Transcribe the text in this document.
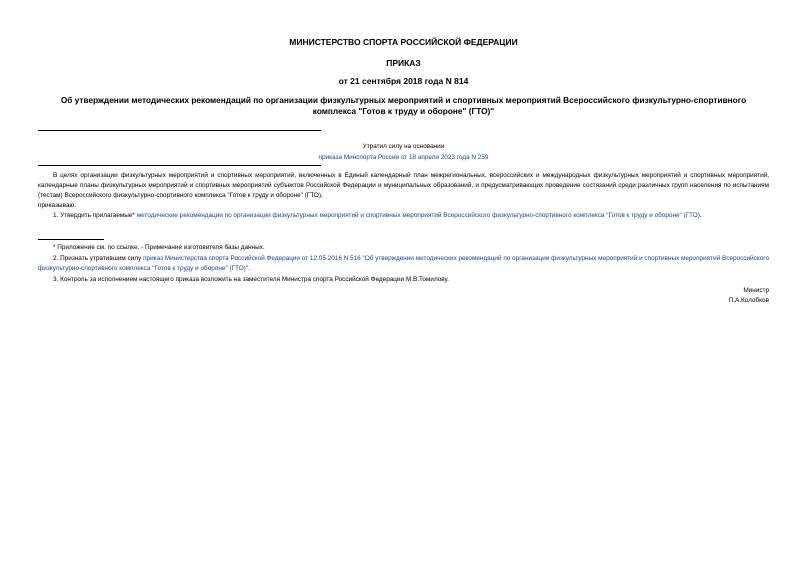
МИНИСТЕРСТВО СПОРТА РОССИЙСКОЙ ФЕДЕРАЦИИ
ПРИКАЗ
от 21 сентября 2018 года N 814
Об утверждении методических рекомендаций по организации физкультурных мероприятий и спортивных мероприятий Всероссийского физкультурно-спортивного комплекса "Готов к труду и обороне" (ГТО)"
Утратил силу на основании
приказа Минспорта России от 18 апреля 2023 года N 259
В целях организации физкультурных мероприятий и спортивных мероприятий, включенных в Единый календарный план межрегиональных, всероссийских и международных физкультурных мероприятий и спортивных мероприятий, календарные планы физкультурных мероприятий и спортивных мероприятий субъектов Российской Федерации и муниципальных образований, и предусматривающих проведение состязаний среди различных групп населения по испытаниям (тестам) Всероссийского физкультурно-спортивного комплекса "Готов к труду и обороне" (ГТО),
приказываю:
1. Утвердить прилагаемые* методические рекомендации по организации физкультурных мероприятий и спортивных мероприятий Всероссийского физкультурно-спортивного комплекса "Готов к труду и обороне" (ГТО).
* Приложение см. по ссылке. - Примечание изготовителя базы данных.
2. Признать утратившим силу приказ Министерства спорта Российской Федерации от 12.05.2016 N 516 "Об утверждении методических рекомендаций по организации физкультурных мероприятий и спортивных мероприятий Всероссийского физкультурно-спортивного комплекса "Готов к труду и обороне" (ГТО)".
3. Контроль за исполнением настоящего приказа возложить на заместителя Министра спорта Российской Федерации М.В.Томилову.
Министр
П.А.Колобков
